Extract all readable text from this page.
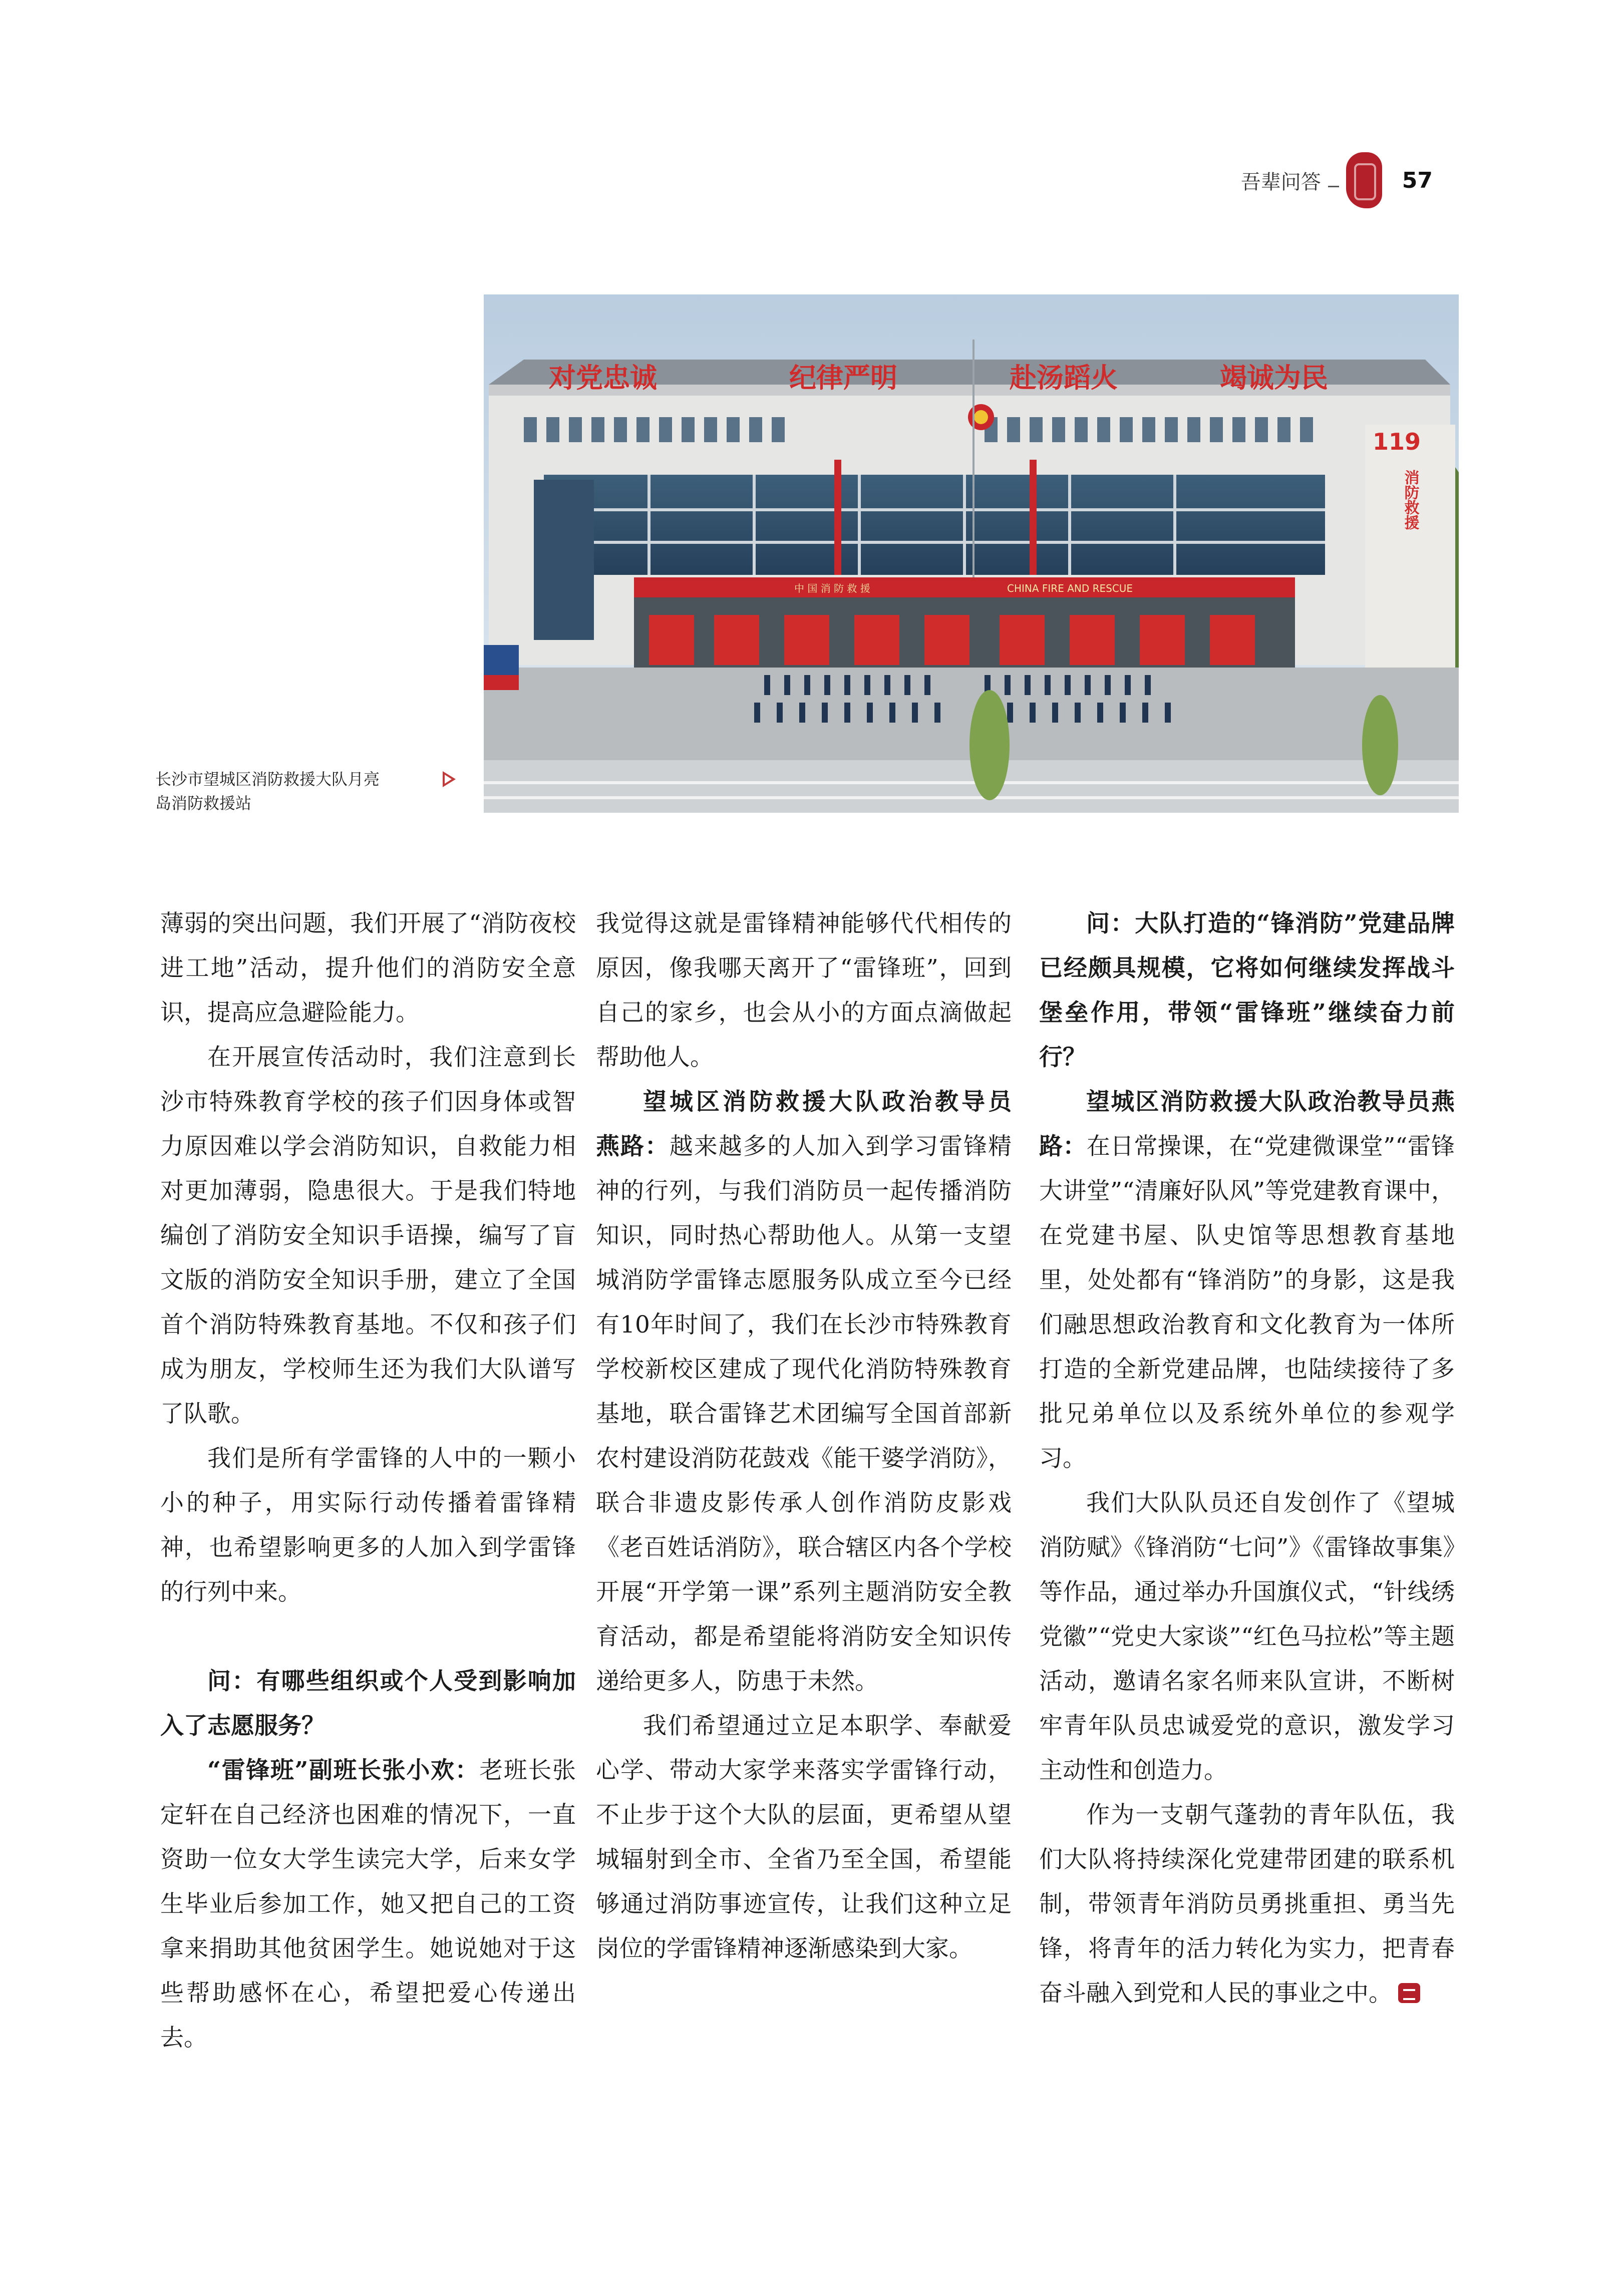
吾辈问答	57
对党忠诚	纪律严明	赴汤蹈火	竭诚为民
119
消防救援
中 国 消 防 救 援	CHINA FIRE AND RESCUE
长沙市望城区消防救援大队月亮
岛消防救援站

薄弱的突出问题，我们开展了“消防夜校进工地”活动，提升他们的消防安全意识，提高应急避险能力。

在开展宣传活动时，我们注意到长沙市特殊教育学校的孩子们因身体或智力原因难以学会消防知识，自救能力相对更加薄弱，隐患很大。于是我们特地编创了消防安全知识手语操，编写了盲文版的消防安全知识手册，建立了全国首个消防特殊教育基地。不仅和孩子们成为朋友，学校师生还为我们大队谱写了队歌。

我们是所有学雷锋的人中的一颗小小的种子，用实际行动传播着雷锋精神，也希望影响更多的人加入到学雷锋的行列中来。

问：有哪些组织或个人受到影响加入了志愿服务？

“雷锋班”副班长张小欢：老班长张定轩在自己经济也困难的情况下，一直资助一位女大学生读完大学，后来女学生毕业后参加工作，她又把自己的工资拿来捐助其他贫困学生。她说她对于这些帮助感怀在心，希望把爱心传递出去。

我觉得这就是雷锋精神能够代代相传的原因，像我哪天离开了“雷锋班”，回到自己的家乡，也会从小的方面点滴做起帮助他人。

望城区消防救援大队政治教导员　燕路：越来越多的人加入到学习雷锋精神的行列，与我们消防员一起传播消防知识，同时热心帮助他人。从第一支望城消防学雷锋志愿服务队成立至今已经有10年时间了，我们在长沙市特殊教育学校新校区建成了现代化消防特殊教育基地，联合雷锋艺术团编写全国首部新农村建设消防花鼓戏《能干婆学消防》，联合非遗皮影传承人创作消防皮影戏《老百姓话消防》，联合辖区内各个学校开展“开学第一课”系列主题消防安全教育活动，都是希望能将消防安全知识传递给更多人，防患于未然。

我们希望通过立足本职学、奉献爱心学、带动大家学来落实学雷锋行动，不止步于这个大队的层面，更希望从望城辐射到全市、全省乃至全国，希望能够通过消防事迹宣传，让我们这种立足岗位的学雷锋精神逐渐感染到大家。

问：大队打造的“锋消防”党建品牌已经颇具规模，它将如何继续发挥战斗堡垒作用，带领“雷锋班”继续奋力前行？

望城区消防救援大队政治教导员燕路：在日常操课，在“党建微课堂”“雷锋大讲堂”“清廉好队风”等党建教育课中，在党建书屋、队史馆等思想教育基地里，处处都有“锋消防”的身影，这是我们融思想政治教育和文化教育为一体所打造的全新党建品牌，也陆续接待了多批兄弟单位以及系统外单位的参观学习。

我们大队队员还自发创作了《望城消防赋》《锋消防“七问”》《雷锋故事集》等作品，通过举办升国旗仪式，“针线绣党徽”“党史大家谈”“红色马拉松”等主题活动，邀请名家名师来队宣讲，不断树牢青年队员忠诚爱党的意识，激发学习主动性和创造力。

作为一支朝气蓬勃的青年队伍，我们大队将持续深化党建带团建的联系机制，带领青年消防员勇挑重担、勇当先锋，将青年的活力转化为实力，把青春奋斗融入到党和人民的事业之中。
